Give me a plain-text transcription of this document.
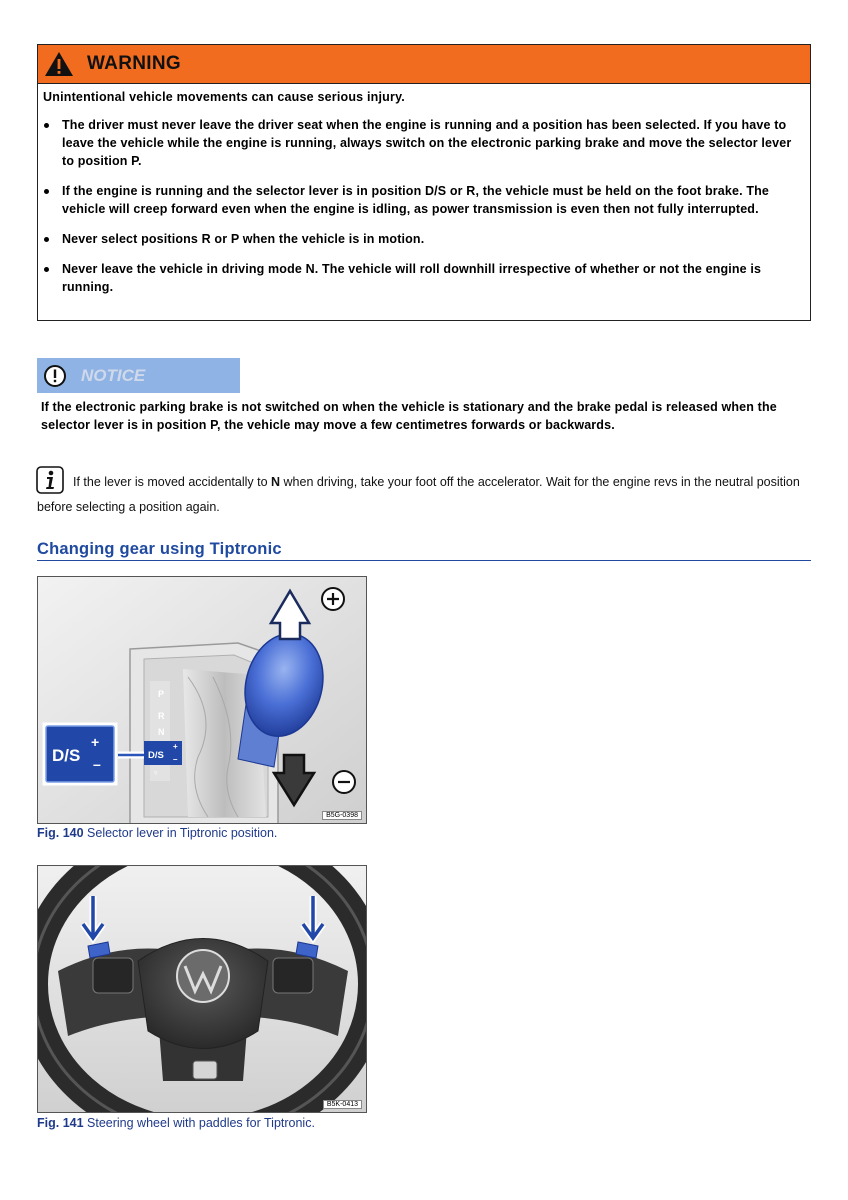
WARNING
Unintentional vehicle movements can cause serious injury.
The driver must never leave the driver seat when the engine is running and a position has been selected. If you have to leave the vehicle while the engine is running, always switch on the electronic parking brake and move the selector lever to position P.
If the engine is running and the selector lever is in position D/S or R, the vehicle must be held on the foot brake. The vehicle will creep forward even when the engine is idling, as power transmission is even then not fully interrupted.
Never select positions R or P when the vehicle is in motion.
Never leave the vehicle in driving mode N. The vehicle will roll downhill irrespective of whether or not the engine is running.
NOTICE
If the electronic parking brake is not switched on when the vehicle is stationary and the brake pedal is released when the selector lever is in position P, the vehicle may move a few centimetres forwards or backwards.
If the lever is moved accidentally to N when driving, take your foot off the accelerator. Wait for the engine revs in the neutral position before selecting a position again.
Changing gear using Tiptronic
P
R
N
D/S
+
–
▿
D/S
+
–
B5G-0398
Fig. 140 Selector lever in Tiptronic position.
B5K-0413
Fig. 141 Steering wheel with paddles for Tiptronic.
